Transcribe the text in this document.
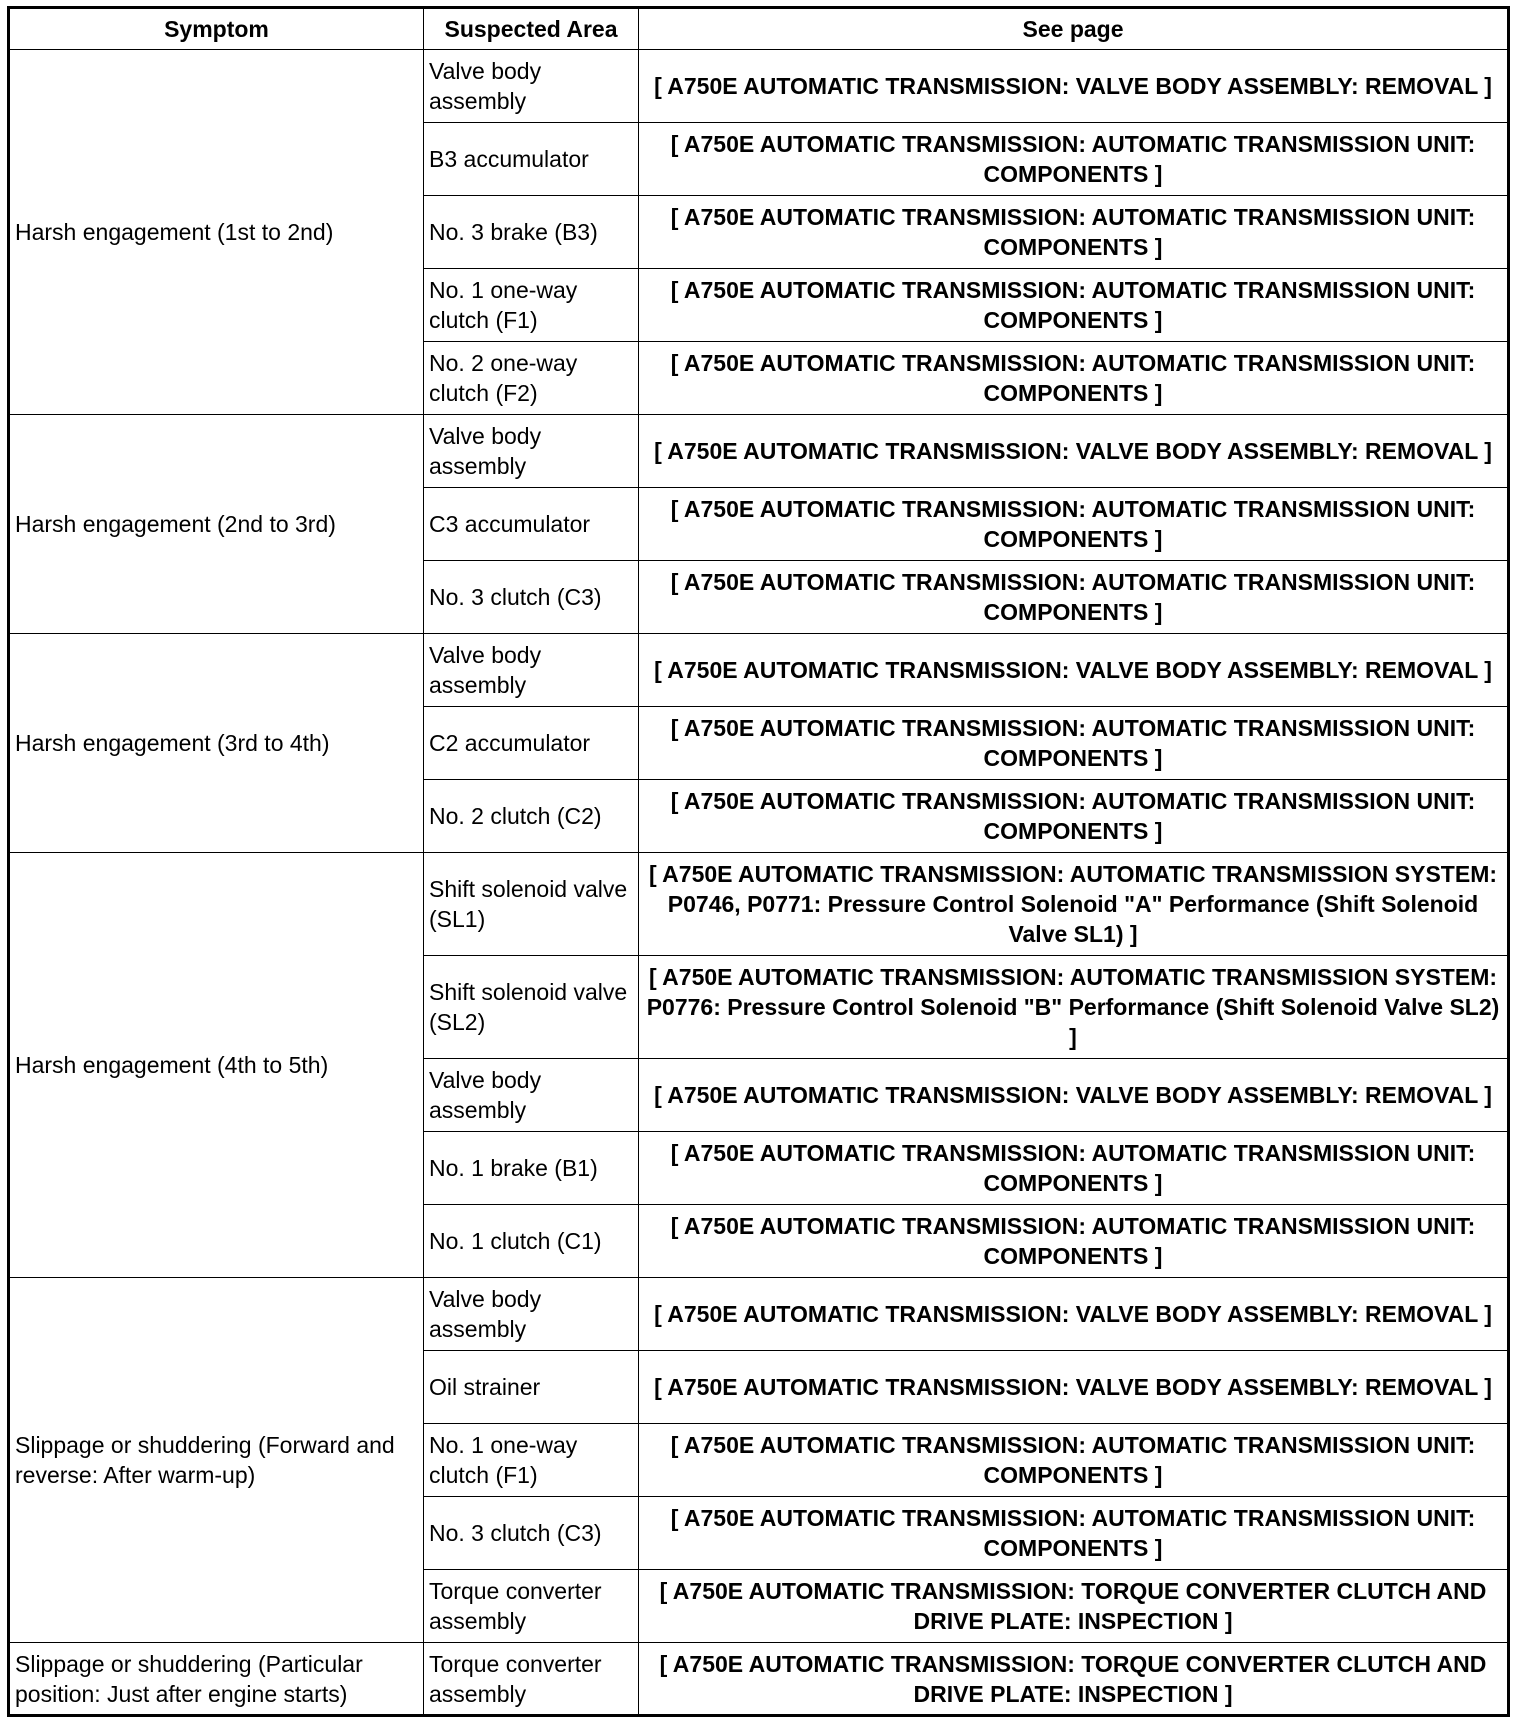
Symptom	Suspected Area	See page
Harsh engagement (1st to 2nd)	Valve body assembly	[ A750E AUTOMATIC TRANSMISSION: VALVE BODY ASSEMBLY: REMOVAL ]
	B3 accumulator	[ A750E AUTOMATIC TRANSMISSION: AUTOMATIC TRANSMISSION UNIT: COMPONENTS ]
	No. 3 brake (B3)	[ A750E AUTOMATIC TRANSMISSION: AUTOMATIC TRANSMISSION UNIT: COMPONENTS ]
	No. 1 one-way clutch (F1)	[ A750E AUTOMATIC TRANSMISSION: AUTOMATIC TRANSMISSION UNIT: COMPONENTS ]
	No. 2 one-way clutch (F2)	[ A750E AUTOMATIC TRANSMISSION: AUTOMATIC TRANSMISSION UNIT: COMPONENTS ]
Harsh engagement (2nd to 3rd)	Valve body assembly	[ A750E AUTOMATIC TRANSMISSION: VALVE BODY ASSEMBLY: REMOVAL ]
	C3 accumulator	[ A750E AUTOMATIC TRANSMISSION: AUTOMATIC TRANSMISSION UNIT: COMPONENTS ]
	No. 3 clutch (C3)	[ A750E AUTOMATIC TRANSMISSION: AUTOMATIC TRANSMISSION UNIT: COMPONENTS ]
Harsh engagement (3rd to 4th)	Valve body assembly	[ A750E AUTOMATIC TRANSMISSION: VALVE BODY ASSEMBLY: REMOVAL ]
	C2 accumulator	[ A750E AUTOMATIC TRANSMISSION: AUTOMATIC TRANSMISSION UNIT: COMPONENTS ]
	No. 2 clutch (C2)	[ A750E AUTOMATIC TRANSMISSION: AUTOMATIC TRANSMISSION UNIT: COMPONENTS ]
Harsh engagement (4th to 5th)	Shift solenoid valve (SL1)	[ A750E AUTOMATIC TRANSMISSION: AUTOMATIC TRANSMISSION SYSTEM: P0746, P0771: Pressure Control Solenoid "A" Performance (Shift Solenoid Valve SL1) ]
	Shift solenoid valve (SL2)	[ A750E AUTOMATIC TRANSMISSION: AUTOMATIC TRANSMISSION SYSTEM: P0776: Pressure Control Solenoid "B" Performance (Shift Solenoid Valve SL2) ]
	Valve body assembly	[ A750E AUTOMATIC TRANSMISSION: VALVE BODY ASSEMBLY: REMOVAL ]
	No. 1 brake (B1)	[ A750E AUTOMATIC TRANSMISSION: AUTOMATIC TRANSMISSION UNIT: COMPONENTS ]
	No. 1 clutch (C1)	[ A750E AUTOMATIC TRANSMISSION: AUTOMATIC TRANSMISSION UNIT: COMPONENTS ]
Slippage or shuddering (Forward and reverse: After warm-up)	Valve body assembly	[ A750E AUTOMATIC TRANSMISSION: VALVE BODY ASSEMBLY: REMOVAL ]
	Oil strainer	[ A750E AUTOMATIC TRANSMISSION: VALVE BODY ASSEMBLY: REMOVAL ]
	No. 1 one-way clutch (F1)	[ A750E AUTOMATIC TRANSMISSION: AUTOMATIC TRANSMISSION UNIT: COMPONENTS ]
	No. 3 clutch (C3)	[ A750E AUTOMATIC TRANSMISSION: AUTOMATIC TRANSMISSION UNIT: COMPONENTS ]
	Torque converter assembly	[ A750E AUTOMATIC TRANSMISSION: TORQUE CONVERTER CLUTCH AND DRIVE PLATE: INSPECTION ]
Slippage or shuddering (Particular position: Just after engine starts)	Torque converter assembly	[ A750E AUTOMATIC TRANSMISSION: TORQUE CONVERTER CLUTCH AND DRIVE PLATE: INSPECTION ]
